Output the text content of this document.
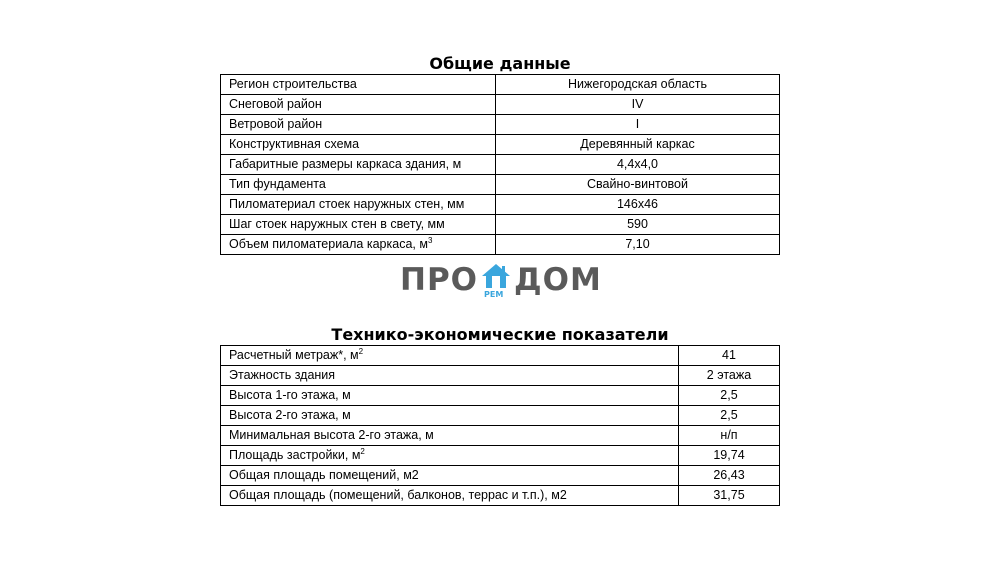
Общие данные
Регион строительства	Нижегородская область
Снеговой район	IV
Ветровой район	I
Конструктивная схема	Деревянный каркас
Габаритные размеры каркаса здания, м	4,4х4,0
Тип фундамента	Свайно-винтовой
Пиломатериал стоек наружных стен, мм	146х46
Шаг стоек наружных стен в свету, мм	590
Объем пиломатериала каркаса, $м^3$	7,10
ПРО РЕМ ДОМ
Технико-экономические показатели
Расчетный метраж*, $м^2$	41
Этажность здания	2 этажа
Высота 1-го этажа, м	2,5
Высота 2-го этажа, м	2,5
Минимальная высота 2-го этажа, м	н/п
Площадь застройки, $м^2$	19,74
Общая площадь помещений, м2	26,43
Общая площадь (помещений, балконов, террас и т.п.), м2	31,75
